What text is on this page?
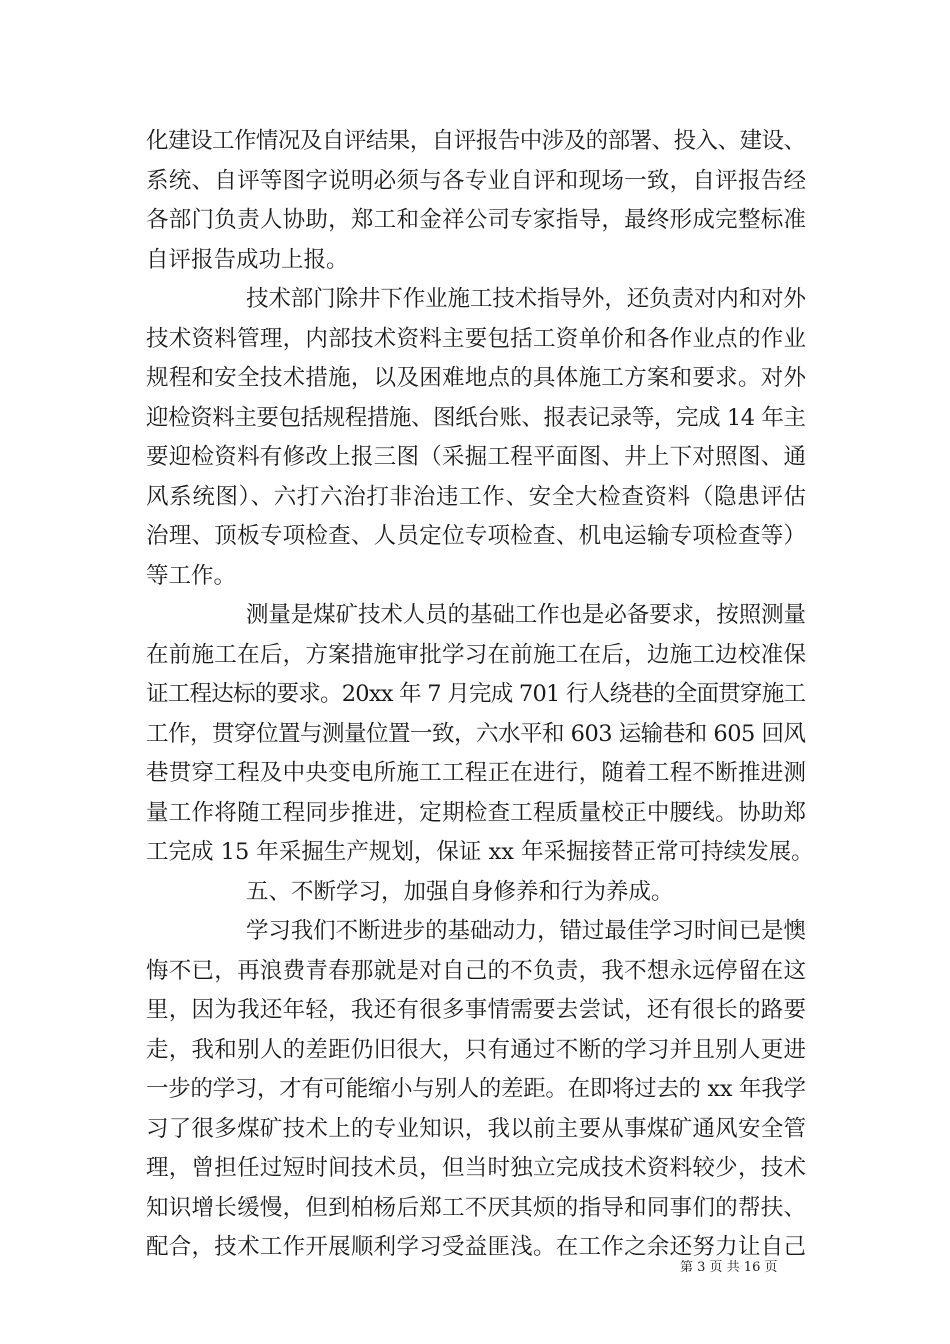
化建设工作情况及自评结果，自评报告中涉及的部署、投入、建设、
系统、自评等图字说明必须与各专业自评和现场一致，自评报告经
各部门负责人协助，郑工和金祥公司专家指导，最终形成完整标准
自评报告成功上报。
技术部门除井下作业施工技术指导外，还负责对内和对外
技术资料管理，内部技术资料主要包括工资单价和各作业点的作业
规程和安全技术措施，以及困难地点的具体施工方案和要求。对外
迎检资料主要包括规程措施、图纸台账、报表记录等，完成 14 年主
要迎检资料有修改上报三图（采掘工程平面图、井上下对照图、通
风系统图）、六打六治打非治违工作、安全大检查资料（隐患评估
治理、顶板专项检查、人员定位专项检查、机电运输专项检查等）
等工作。
测量是煤矿技术人员的基础工作也是必备要求，按照测量
在前施工在后，方案措施审批学习在前施工在后，边施工边校准保
证工程达标的要求。20xx 年 7 月完成 701 行人绕巷的全面贯穿施工
工作，贯穿位置与测量位置一致，六水平和 603 运输巷和 605 回风
巷贯穿工程及中央变电所施工工程正在进行，随着工程不断推进测
量工作将随工程同步推进，定期检查工程质量校正中腰线。协助郑
工完成 15 年采掘生产规划，保证 xx 年采掘接替正常可持续发展。
五、不断学习，加强自身修养和行为养成。
学习我们不断进步的基础动力，错过最佳学习时间已是懊
悔不已，再浪费青春那就是对自己的不负责，我不想永远停留在这
里，因为我还年轻，我还有很多事情需要去尝试，还有很长的路要
走，我和别人的差距仍旧很大，只有通过不断的学习并且别人更进
一步的学习，才有可能缩小与别人的差距。在即将过去的 xx 年我学
习了很多煤矿技术上的专业知识，我以前主要从事煤矿通风安全管
理，曾担任过短时间技术员，但当时独立完成技术资料较少，技术
知识增长缓慢，但到柏杨后郑工不厌其烦的指导和同事们的帮扶、
配合，技术工作开展顺利学习受益匪浅。在工作之余还努力让自己
第 3 页 共 16 页
